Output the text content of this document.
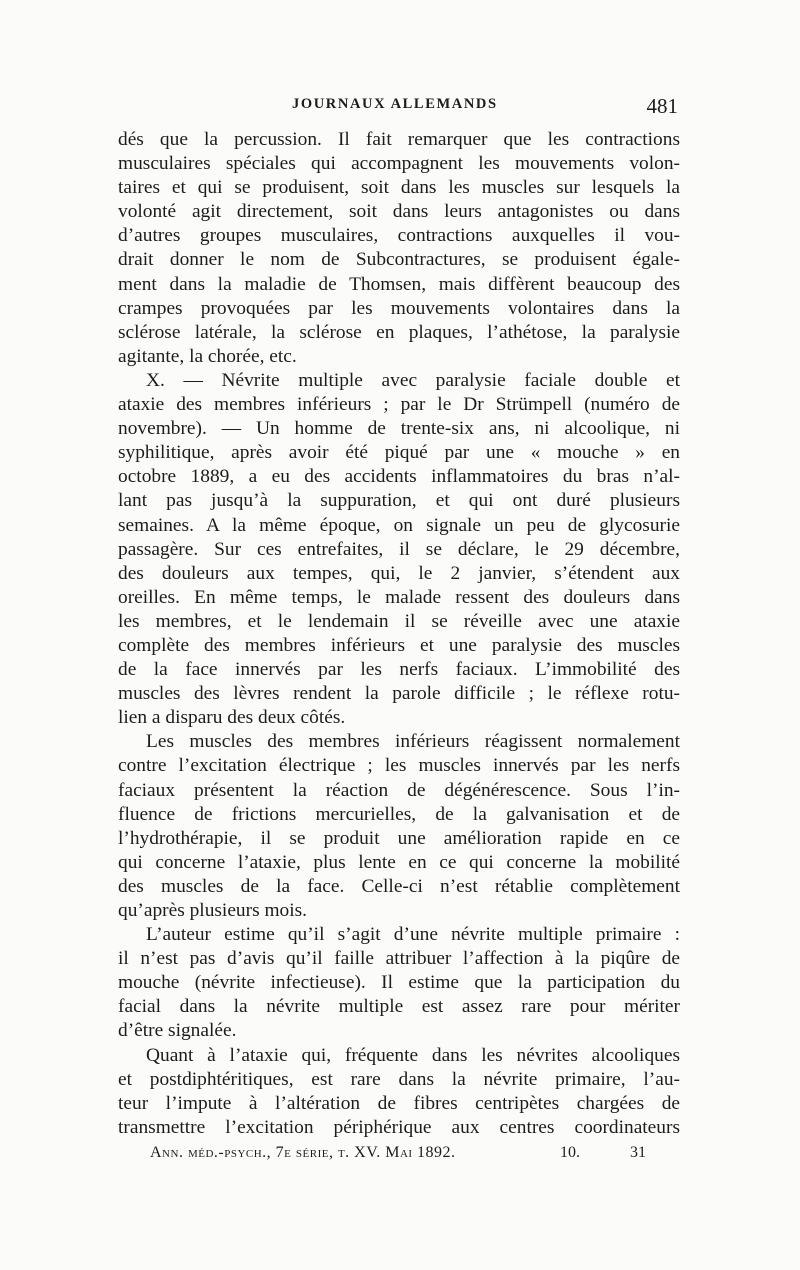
JOURNAUX ALLEMANDS	481
dés que la percussion. Il fait remarquer que les contractions
musculaires spéciales qui accompagnent les mouvements volon-
taires et qui se produisent, soit dans les muscles sur lesquels la
volonté agit directement, soit dans leurs antagonistes ou dans
d’autres groupes musculaires, contractions auxquelles il vou-
drait donner le nom de Subcontractures, se produisent égale-
ment dans la maladie de Thomsen, mais diffèrent beaucoup des
crampes provoquées par les mouvements volontaires dans la
sclérose latérale, la sclérose en plaques, l’athétose, la paralysie
agitante, la chorée, etc.
X. — Névrite multiple avec paralysie faciale double et
ataxie des membres inférieurs ; par le Dr Strümpell (numéro de
novembre). — Un homme de trente-six ans, ni alcoolique, ni
syphilitique, après avoir été piqué par une « mouche » en
octobre 1889, a eu des accidents inflammatoires du bras n’al-
lant pas jusqu’à la suppuration, et qui ont duré plusieurs
semaines. A la même époque, on signale un peu de glycosurie
passagère. Sur ces entrefaites, il se déclare, le 29 décembre,
des douleurs aux tempes, qui, le 2 janvier, s’étendent aux
oreilles. En même temps, le malade ressent des douleurs dans
les membres, et le lendemain il se réveille avec une ataxie
complète des membres inférieurs et une paralysie des muscles
de la face innervés par les nerfs faciaux. L’immobilité des
muscles des lèvres rendent la parole difficile ; le réflexe rotu-
lien a disparu des deux côtés.
Les muscles des membres inférieurs réagissent normalement
contre l’excitation électrique ; les muscles innervés par les nerfs
faciaux présentent la réaction de dégénérescence. Sous l’in-
fluence de frictions mercurielles, de la galvanisation et de
l’hydrothérapie, il se produit une amélioration rapide en ce
qui concerne l’ataxie, plus lente en ce qui concerne la mobilité
des muscles de la face. Celle-ci n’est rétablie complètement
qu’après plusieurs mois.
L’auteur estime qu’il s’agit d’une névrite multiple primaire :
il n’est pas d’avis qu’il faille attribuer l’affection à la piqûre de
mouche (névrite infectieuse). Il estime que la participation du
facial dans la névrite multiple est assez rare pour mériter
d’être signalée.
Quant à l’ataxie qui, fréquente dans les névrites alcooliques
et postdiphtéritiques, est rare dans la névrite primaire, l’au-
teur l’impute à l’altération de fibres centripètes chargées de
transmettre l’excitation périphérique aux centres coordinateurs
Ann. méd.-psych., 7e série, t. XV. Mai 1892.	10.	31
